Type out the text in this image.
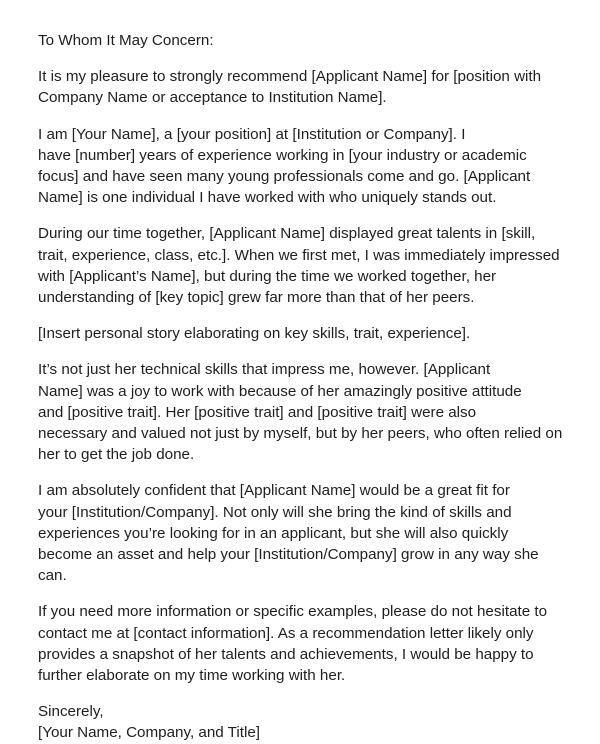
To Whom It May Concern:

It is my pleasure to strongly recommend [Applicant Name] for [position with
Company Name or acceptance to Institution Name].

I am [Your Name], a [your position] at [Institution or Company]. I
have [number] years of experience working in [your industry or academic
focus] and have seen many young professionals come and go. [Applicant
Name] is one individual I have worked with who uniquely stands out.

During our time together, [Applicant Name] displayed great talents in [skill,
trait, experience, class, etc.]. When we first met, I was immediately impressed
with [Applicant’s Name], but during the time we worked together, her
understanding of [key topic] grew far more than that of her peers.

[Insert personal story elaborating on key skills, trait, experience].

It’s not just her technical skills that impress me, however. [Applicant
Name] was a joy to work with because of her amazingly positive attitude
and [positive trait]. Her [positive trait] and [positive trait] were also
necessary and valued not just by myself, but by her peers, who often relied on
her to get the job done.

I am absolutely confident that [Applicant Name] would be a great fit for
your [Institution/Company]. Not only will she bring the kind of skills and
experiences you’re looking for in an applicant, but she will also quickly
become an asset and help your [Institution/Company] grow in any way she
can.

If you need more information or specific examples, please do not hesitate to
contact me at [contact information]. As a recommendation letter likely only
provides a snapshot of her talents and achievements, I would be happy to
further elaborate on my time working with her.

Sincerely,
[Your Name, Company, and Title]
